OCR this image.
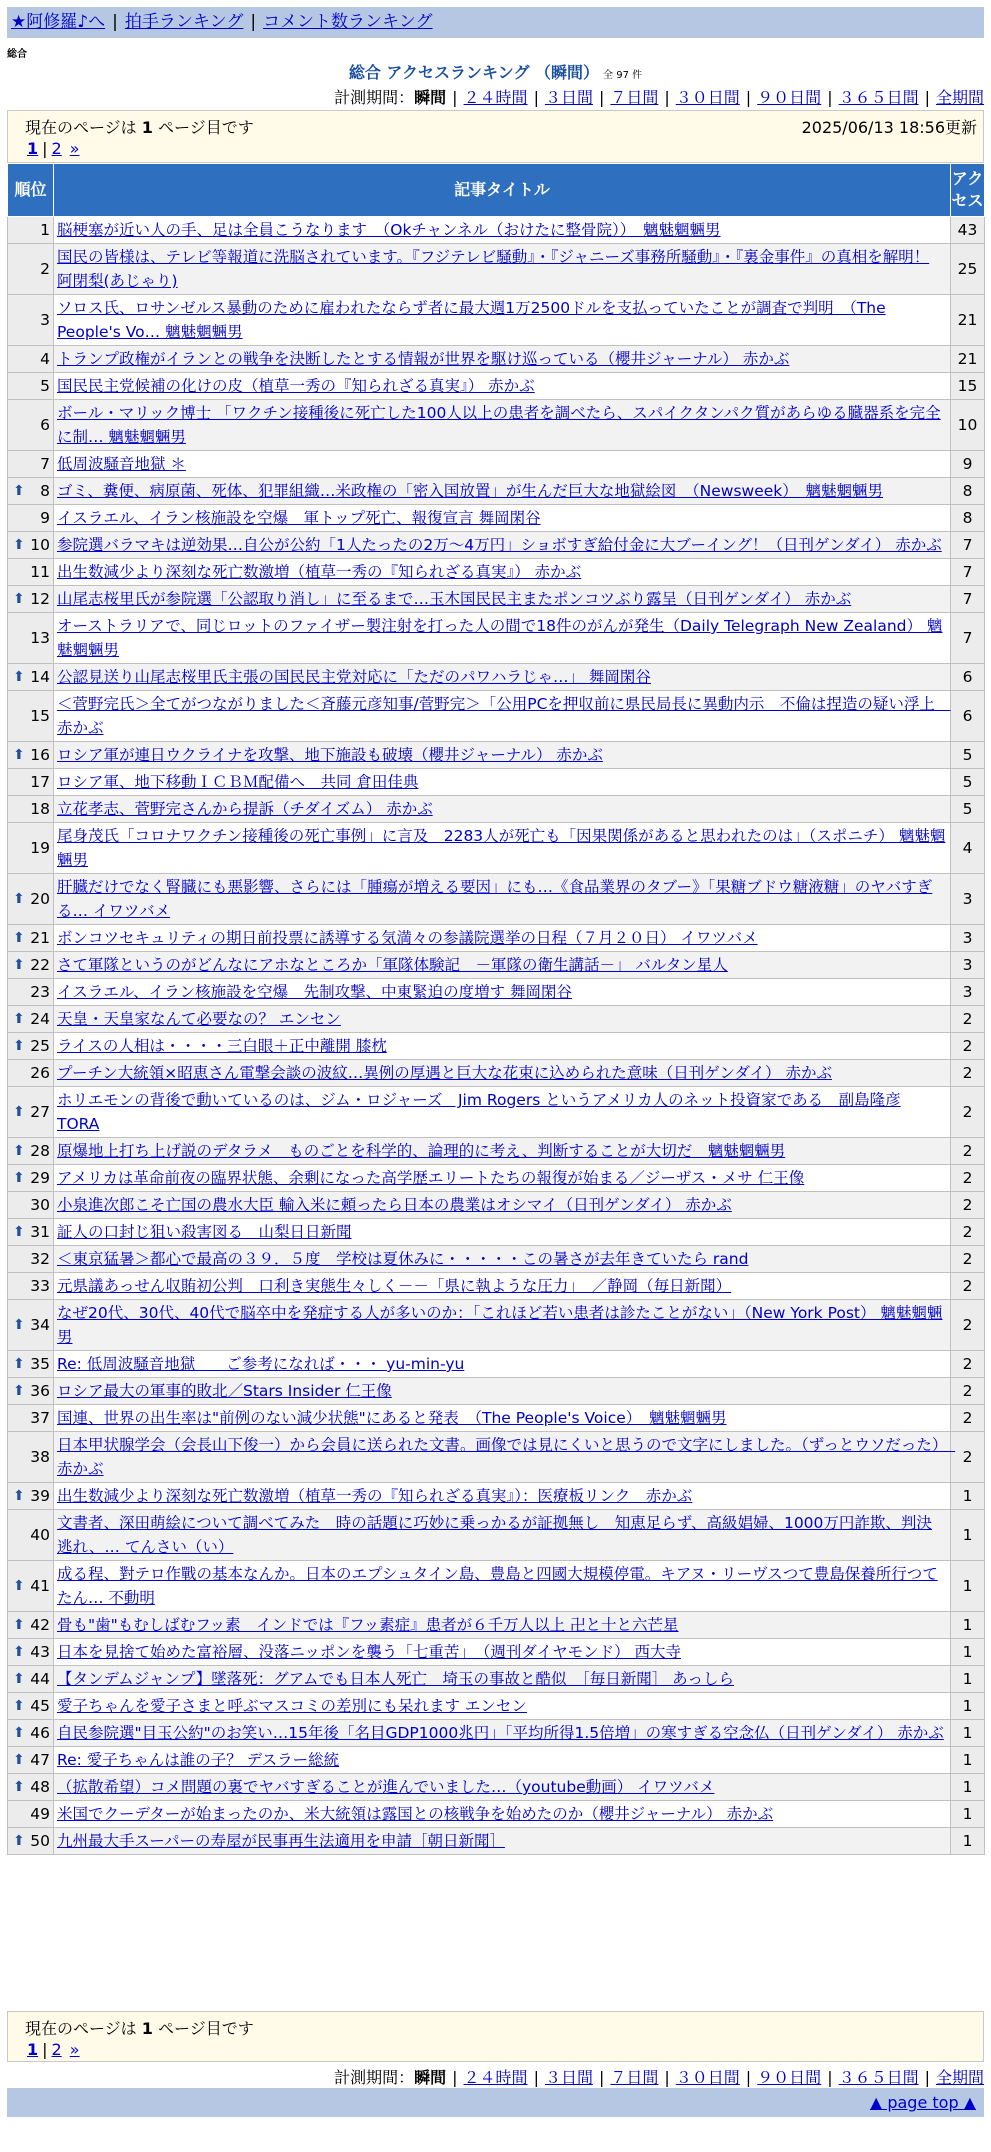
★阿修羅♪へ | 拍手ランキング | コメント数ランキング
総合
総合 アクセスランキング （瞬間） 全 97 件
計測期間：瞬間 | ２４時間 | ３日間 | ７日間 | ３０日間 | ９０日間 | ３６５日間 | 全期間
現在のページは 1 ページ目です	2025/06/13 18:56更新
1 | 2 »
順位	記事タイトル	アクセス
1	脳梗塞が近い人の手、足は全員こうなります　（Okチャンネル（おけたに整骨院））　魑魅魍魎男	43
2	国民の皆様は、テレビ等報道に洗脳されています。『フジテレビ騒動』・『ジャニーズ事務所騒動』・『裏金事件』の真相を解明！ 阿閉梨(あじゃり)	25
3	ソロス氏、ロサンゼルス暴動のために雇われたならず者に最大週1万2500ドルを支払っていたことが調査で判明　（The People's Vo… 魑魅魍魎男	21
4	トランプ政権がイランとの戦争を決断したとする情報が世界を駆け巡っている（櫻井ジャーナル） 赤かぶ	21
5	国民民主党候補の化けの皮（植草一秀の『知られざる真実』） 赤かぶ	15
6	ボール・マリック博士 「ワクチン接種後に死亡した100人以上の患者を調べたら、スパイクタンパク質があらゆる臓器系を完全に制… 魑魅魍魎男	10
7	低周波騒音地獄 ＊	9

⬆ 8	ゴミ、糞便、病原菌、死体、犯罪組織…米政権の「密入国放置」が生んだ巨大な地獄絵図　（Newsweek）　魑魅魍魎男	8
9	イスラエル、イラン核施設を空爆　軍トップ死亡、報復宣言 舞岡閑谷	8

⬆ 10	参院選バラマキは逆効果…自公が公約「1人たったの2万～4万円」ショボすぎ給付金に大ブーイング！（日刊ゲンダイ） 赤かぶ	7
11	出生数減少より深刻な死亡数激増（植草一秀の『知られざる真実』） 赤かぶ	7

⬆ 12	山尾志桜里氏が参院選「公認取り消し」に至るまで…玉木国民民主またポンコツぶり露呈（日刊ゲンダイ） 赤かぶ	7
13	オーストラリアで、同じロットのファイザー製注射を打った人の間で18件のがんが発生（Daily Telegraph New Zealand） 魑魅魍魎男	7

⬆ 14	公認見送り山尾志桜里氏主張の国民民主党対応に「ただのパワハラじゃ…」 舞岡閑谷	6
15	＜菅野完氏＞全てがつながりました＜斉藤元彦知事/菅野完＞「公用PCを押収前に県民局長に異動内示　不倫は捏造の疑い浮上　赤かぶ	6

⬆ 16	ロシア軍が連日ウクライナを攻撃、地下施設も破壊（櫻井ジャーナル） 赤かぶ	5
17	ロシア軍、地下移動ＩＣＢＭ配備へ　共同 倉田佳典	5
18	立花孝志、菅野完さんから提訴（チダイズム） 赤かぶ	5
19	尾身茂氏「コロナワクチン接種後の死亡事例」に言及　2283人が死亡も「因果関係があると思われたのは」（スポニチ） 魑魅魍魎男	4

⬆ 20	肝臓だけでなく腎臓にも悪影響、さらには「腫瘍が増える要因」にも…《食品業界のタブー》「果糖ブドウ糖液糖」のヤバすぎる… イワツバメ	3

⬆ 21	ボンコツセキュリティの期日前投票に誘導する気満々の参議院選挙の日程（７月２０日） イワツバメ	3

⬆ 22	さて軍隊というのがどんなにアホなところか「軍隊体験記　－軍隊の衛生講話－」 バルタン星人	3
23	イスラエル、イラン核施設を空爆　先制攻撃、中東緊迫の度増す 舞岡閑谷	3

⬆ 24	天皇・天皇家なんて必要なの？ エンセン	2

⬆ 25	ライスの人相は・・・・三白眼＋正中離開 膝枕	2
26	プーチン大統領×昭恵さん電撃会談の波紋…異例の厚遇と巨大な花束に込められた意味（日刊ゲンダイ） 赤かぶ	2

⬆ 27	ホリエモンの背後で動いているのは、ジム・ロジャーズ　Jim Rogers というアメリカ人のネット投資家である　副島隆彦 TORA	2

⬆ 28	原爆地上打ち上げ説のデタラメ　ものごとを科学的、論理的に考え、判断することが大切だ　魑魅魍魎男	2

⬆ 29	アメリカは革命前夜の臨界状態、余剰になった高学歴エリートたちの報復が始まる／ジーザス・メサ 仁王像	2
30	小泉進次郎こそ亡国の農水大臣 輸入米に頼ったら日本の農業はオシマイ（日刊ゲンダイ） 赤かぶ	2

⬆ 31	証人の口封じ狙い殺害図る　山梨日日新聞	2
32	＜東京猛暑＞都心で最高の３９．５度　学校は夏休みに・・・・・この暑さが去年きていたら rand	2
33	元県議あっせん収賄初公判　口利き実態生々しく－－「県に執ような圧力」　／静岡（毎日新聞）	2

⬆ 34	なぜ20代、30代、40代で脳卒中を発症する人が多いのか：「これほど若い患者は診たことがない」（New York Post） 魑魅魍魎男	2

⬆ 35	Re: 低周波騒音地獄　　ご参考になれば・・・ yu-min-yu	2

⬆ 36	ロシア最大の軍事的敗北／Stars Insider 仁王像	2
37	国連、世界の出生率は"前例のない減少状態"にあると発表　（The People's Voice）　魑魅魍魎男	2
38	日本甲状腺学会（会長山下俊一）から会員に送られた文書。画像では見にくいと思うので文字にしました。（ずっとウソだった）　赤かぶ	2

⬆ 39	出生数減少より深刻な死亡数激増（植草一秀の『知られざる真実』）：医療板リンク　赤かぶ	1
40	文書者、深田萌絵について調べてみた　時の話題に巧妙に乗っかるが証拠無し　知恵足らず、高級娼婦、1000万円詐欺、判決逃れ、… てんさい（い）	1

⬆ 41	成る程、對テロ作戰の基本なんか。日本のエプシュタイン島、豊島と四國大規模停電。キアヌ・リーヴスつて豊島保養所行つてたん… 不動明	1

⬆ 42	骨も"歯"もむしばむフッ素　インドでは『フッ素症』患者が６千万人以上 卍と十と六芒星	1

⬆ 43	日本を見捨て始めた富裕層、没落ニッポンを襲う「七重苦」　（週刊ダイヤモンド） 西大寺	1

⬆ 44	【タンデムジャンプ】墜落死：グアムでも日本人死亡　埼玉の事故と酷似　［毎日新聞］ あっしら	1

⬆ 45	愛子ちゃんを愛子さまと呼ぶマスコミの差別にも呆れます エンセン	1

⬆ 46	自民参院選"目玉公約"のお笑い…15年後「名目GDP1000兆円」「平均所得1.5倍増」の寒すぎる空念仏（日刊ゲンダイ） 赤かぶ	1

⬆ 47	Re: 愛子ちゃんは誰の子？ デスラー総統	1

⬆ 48	（拡散希望）コメ問題の裏でヤバすぎることが進んでいました…（youtube動画） イワツバメ	1
49	米国でクーデターが始まったのか、米大統領は露国との核戦争を始めたのか（櫻井ジャーナル） 赤かぶ	1

⬆ 50	九州最大手スーパーの寿屋が民事再生法適用を申請［朝日新聞］	1
現在のページは 1 ページ目です
1 | 2 »
計測期間：瞬間 | ２４時間 | ３日間 | ７日間 | ３０日間 | ９０日間 | ３６５日間 | 全期間
▲ page top ▲
